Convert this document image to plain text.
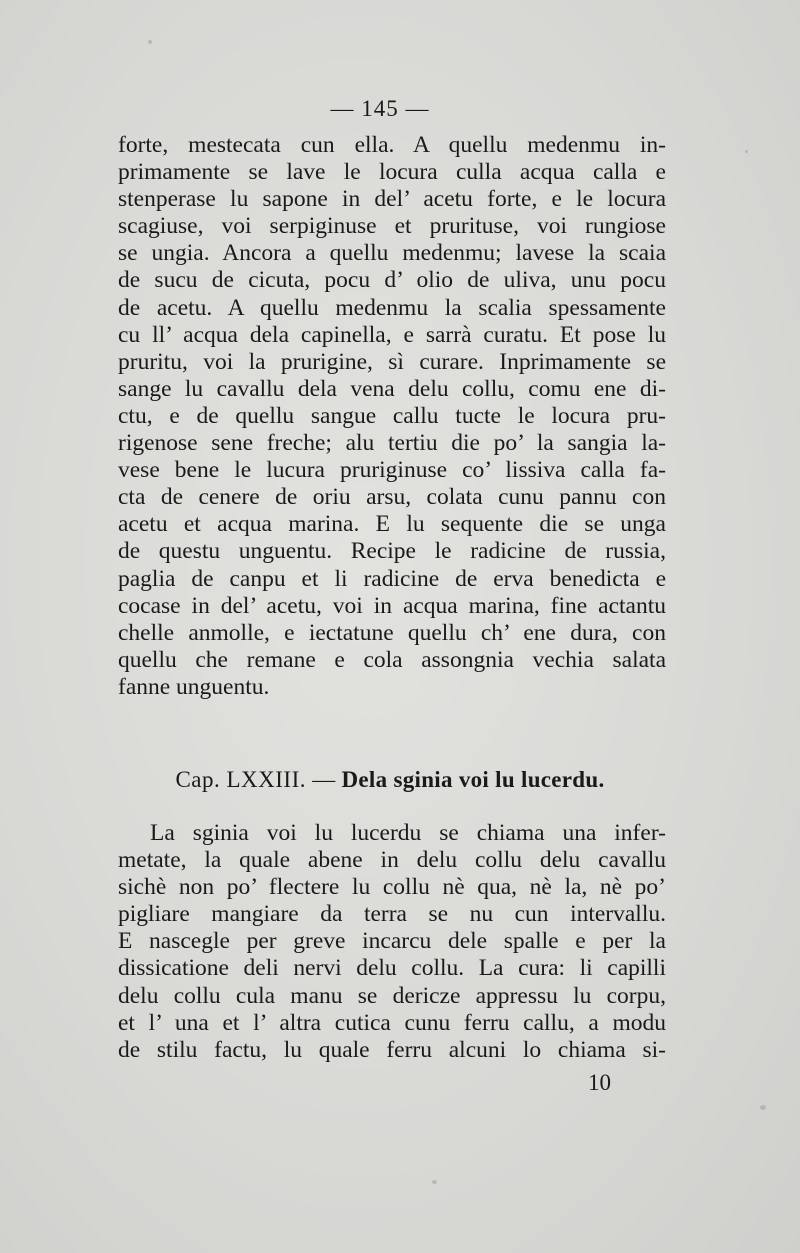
— 145 —
forte, mestecata cun ella. A quellu medenmu in-
primamente se lave le locura culla acqua calla e
stenperase lu sapone in del’ acetu forte, e le locura
scagiuse, voi serpiginuse et prurituse, voi rungiose
se ungia. Ancora a quellu medenmu; lavese la scaia
de sucu de cicuta, pocu d’ olio de uliva, unu pocu
de acetu. A quellu medenmu la scalia spessamente
cu ll’ acqua dela capinella, e sarrà curatu. Et pose lu
pruritu, voi la prurigine, sì curare. Inprimamente se
sange lu cavallu dela vena delu collu, comu ene di-
ctu, e de quellu sangue callu tucte le locura pru-
rigenose sene freche; alu tertiu die po’ la sangia la-
vese bene le lucura pruriginuse co’ lissiva calla fa-
cta de cenere de oriu arsu, colata cunu pannu con
acetu et acqua marina. E lu sequente die se unga
de questu unguentu. Recipe le radicine de russia,
paglia de canpu et li radicine de erva benedicta e
cocase in del’ acetu, voi in acqua marina, fine actantu
chelle anmolle, e iectatune quellu ch’ ene dura, con
quellu che remane e cola assongnia vechia salata
fanne unguentu.
Cap. LXXIII. — Dela sginia voi lu lucerdu.
La sginia voi lu lucerdu se chiama una infer-
metate, la quale abene in delu collu delu cavallu
sichè non po’ flectere lu collu nè qua, nè la, nè po’
pigliare mangiare da terra se nu cun intervallu.
E nascegle per greve incarcu dele spalle e per la
dissicatione deli nervi delu collu. La cura: li capilli
delu collu cula manu se dericze appressu lu corpu,
et l’ una et l’ altra cutica cunu ferru callu, a modu
de stilu factu, lu quale ferru alcuni lo chiama si-
10
